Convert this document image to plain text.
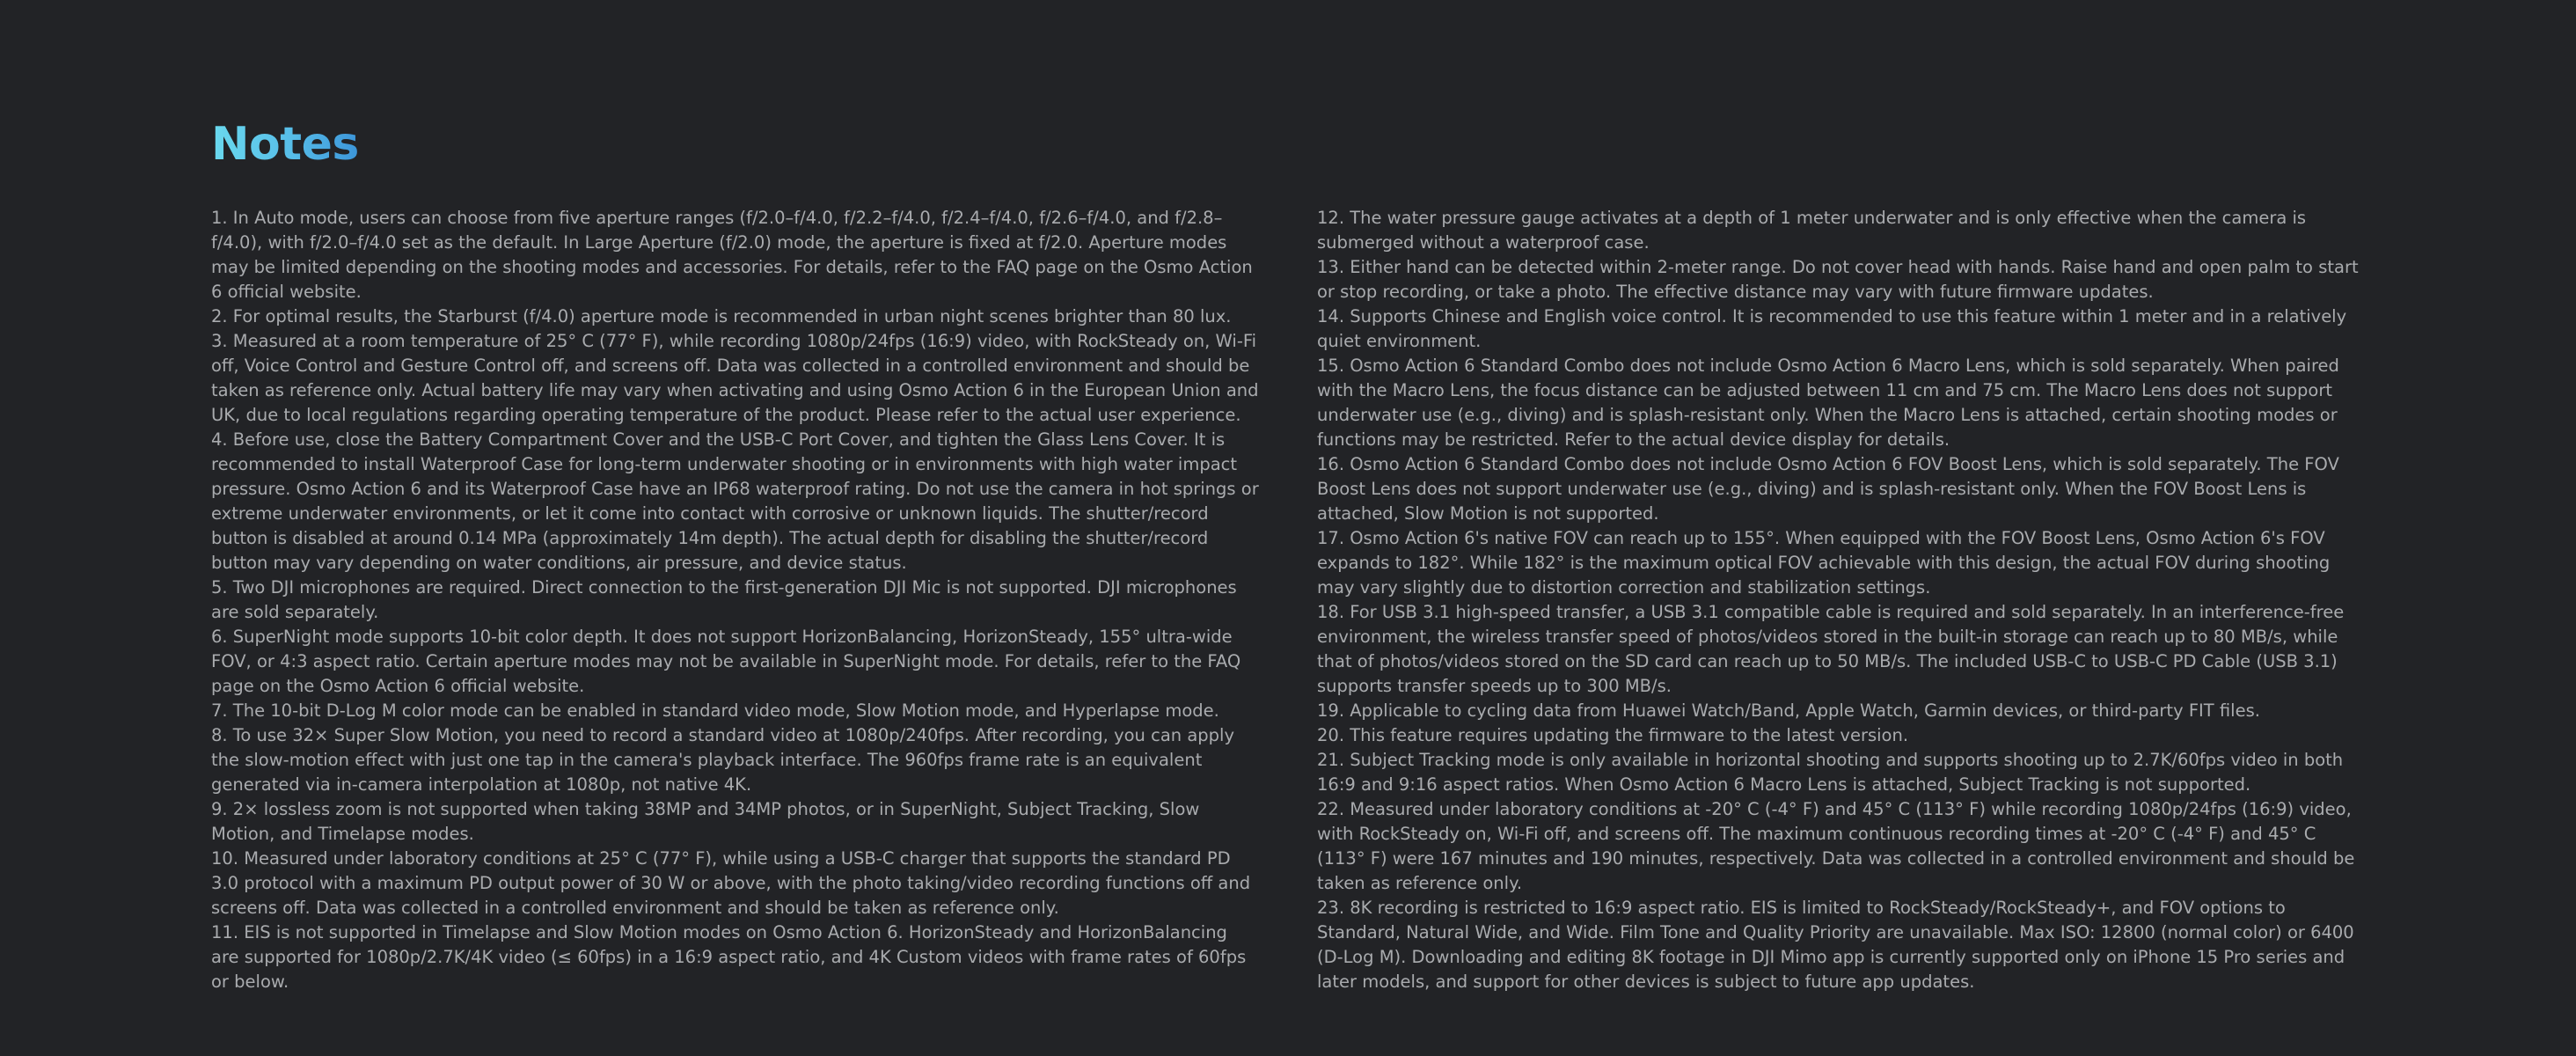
Notes

1. In Auto mode, users can choose from five aperture ranges (f/2.0–f/4.0, f/2.2–f/4.0, f/2.4–f/4.0, f/2.6–f/4.0, and f/2.8–f/4.0), with f/2.0–f/4.0 set as the default. In Large Aperture (f/2.0) mode, the aperture is fixed at f/2.0. Aperture modes may be limited depending on the shooting modes and accessories. For details, refer to the FAQ page on the Osmo Action 6 official website.

2. For optimal results, the Starburst (f/4.0) aperture mode is recommended in urban night scenes brighter than 80 lux.

3. Measured at a room temperature of 25° C (77° F), while recording 1080p/24fps (16:9) video, with RockSteady on, Wi-Fi off, Voice Control and Gesture Control off, and screens off. Data was collected in a controlled environment and should be taken as reference only. Actual battery life may vary when activating and using Osmo Action 6 in the European Union and UK, due to local regulations regarding operating temperature of the product. Please refer to the actual user experience.

4. Before use, close the Battery Compartment Cover and the USB-C Port Cover, and tighten the Glass Lens Cover. It is recommended to install Waterproof Case for long-term underwater shooting or in environments with high water impact pressure. Osmo Action 6 and its Waterproof Case have an IP68 waterproof rating. Do not use the camera in hot springs or extreme underwater environments, or let it come into contact with corrosive or unknown liquids. The shutter/record button is disabled at around 0.14 MPa (approximately 14m depth). The actual depth for disabling the shutter/record button may vary depending on water conditions, air pressure, and device status.

5. Two DJI microphones are required. Direct connection to the first-generation DJI Mic is not supported. DJI microphones are sold separately.

6. SuperNight mode supports 10-bit color depth. It does not support HorizonBalancing, HorizonSteady, 155° ultra-wide FOV, or 4:3 aspect ratio. Certain aperture modes may not be available in SuperNight mode. For details, refer to the FAQ page on the Osmo Action 6 official website.

7. The 10-bit D-Log M color mode can be enabled in standard video mode, Slow Motion mode, and Hyperlapse mode.

8. To use 32× Super Slow Motion, you need to record a standard video at 1080p/240fps. After recording, you can apply the slow-motion effect with just one tap in the camera's playback interface. The 960fps frame rate is an equivalent generated via in-camera interpolation at 1080p, not native 4K.

9. 2× lossless zoom is not supported when taking 38MP and 34MP photos, or in SuperNight, Subject Tracking, Slow Motion, and Timelapse modes.

10. Measured under laboratory conditions at 25° C (77° F), while using a USB-C charger that supports the standard PD 3.0 protocol with a maximum PD output power of 30 W or above, with the photo taking/video recording functions off and screens off. Data was collected in a controlled environment and should be taken as reference only.

11. EIS is not supported in Timelapse and Slow Motion modes on Osmo Action 6. HorizonSteady and HorizonBalancing are supported for 1080p/2.7K/4K video (≤ 60fps) in a 16:9 aspect ratio, and 4K Custom videos with frame rates of 60fps or below.

12. The water pressure gauge activates at a depth of 1 meter underwater and is only effective when the camera is submerged without a waterproof case.

13. Either hand can be detected within 2-meter range. Do not cover head with hands. Raise hand and open palm to start or stop recording, or take a photo. The effective distance may vary with future firmware updates.

14. Supports Chinese and English voice control. It is recommended to use this feature within 1 meter and in a relatively quiet environment.

15. Osmo Action 6 Standard Combo does not include Osmo Action 6 Macro Lens, which is sold separately. When paired with the Macro Lens, the focus distance can be adjusted between 11 cm and 75 cm. The Macro Lens does not support underwater use (e.g., diving) and is splash-resistant only. When the Macro Lens is attached, certain shooting modes or functions may be restricted. Refer to the actual device display for details.

16. Osmo Action 6 Standard Combo does not include Osmo Action 6 FOV Boost Lens, which is sold separately. The FOV Boost Lens does not support underwater use (e.g., diving) and is splash-resistant only. When the FOV Boost Lens is attached, Slow Motion is not supported.

17. Osmo Action 6's native FOV can reach up to 155°. When equipped with the FOV Boost Lens, Osmo Action 6's FOV expands to 182°. While 182° is the maximum optical FOV achievable with this design, the actual FOV during shooting may vary slightly due to distortion correction and stabilization settings.

18. For USB 3.1 high-speed transfer, a USB 3.1 compatible cable is required and sold separately. In an interference-free environment, the wireless transfer speed of photos/videos stored in the built-in storage can reach up to 80 MB/s, while that of photos/videos stored on the SD card can reach up to 50 MB/s. The included USB-C to USB-C PD Cable (USB 3.1) supports transfer speeds up to 300 MB/s.

19. Applicable to cycling data from Huawei Watch/Band, Apple Watch, Garmin devices, or third-party FIT files.

20. This feature requires updating the firmware to the latest version.

21. Subject Tracking mode is only available in horizontal shooting and supports shooting up to 2.7K/60fps video in both 16:9 and 9:16 aspect ratios. When Osmo Action 6 Macro Lens is attached, Subject Tracking is not supported.

22. Measured under laboratory conditions at -20° C (-4° F) and 45° C (113° F) while recording 1080p/24fps (16:9) video, with RockSteady on, Wi-Fi off, and screens off. The maximum continuous recording times at -20° C (-4° F) and 45° C (113° F) were 167 minutes and 190 minutes, respectively. Data was collected in a controlled environment and should be taken as reference only.

23. 8K recording is restricted to 16:9 aspect ratio. EIS is limited to RockSteady/RockSteady+, and FOV options to Standard, Natural Wide, and Wide. Film Tone and Quality Priority are unavailable. Max ISO: 12800 (normal color) or 6400 (D-Log M). Downloading and editing 8K footage in DJI Mimo app is currently supported only on iPhone 15 Pro series and later models, and support for other devices is subject to future app updates.
